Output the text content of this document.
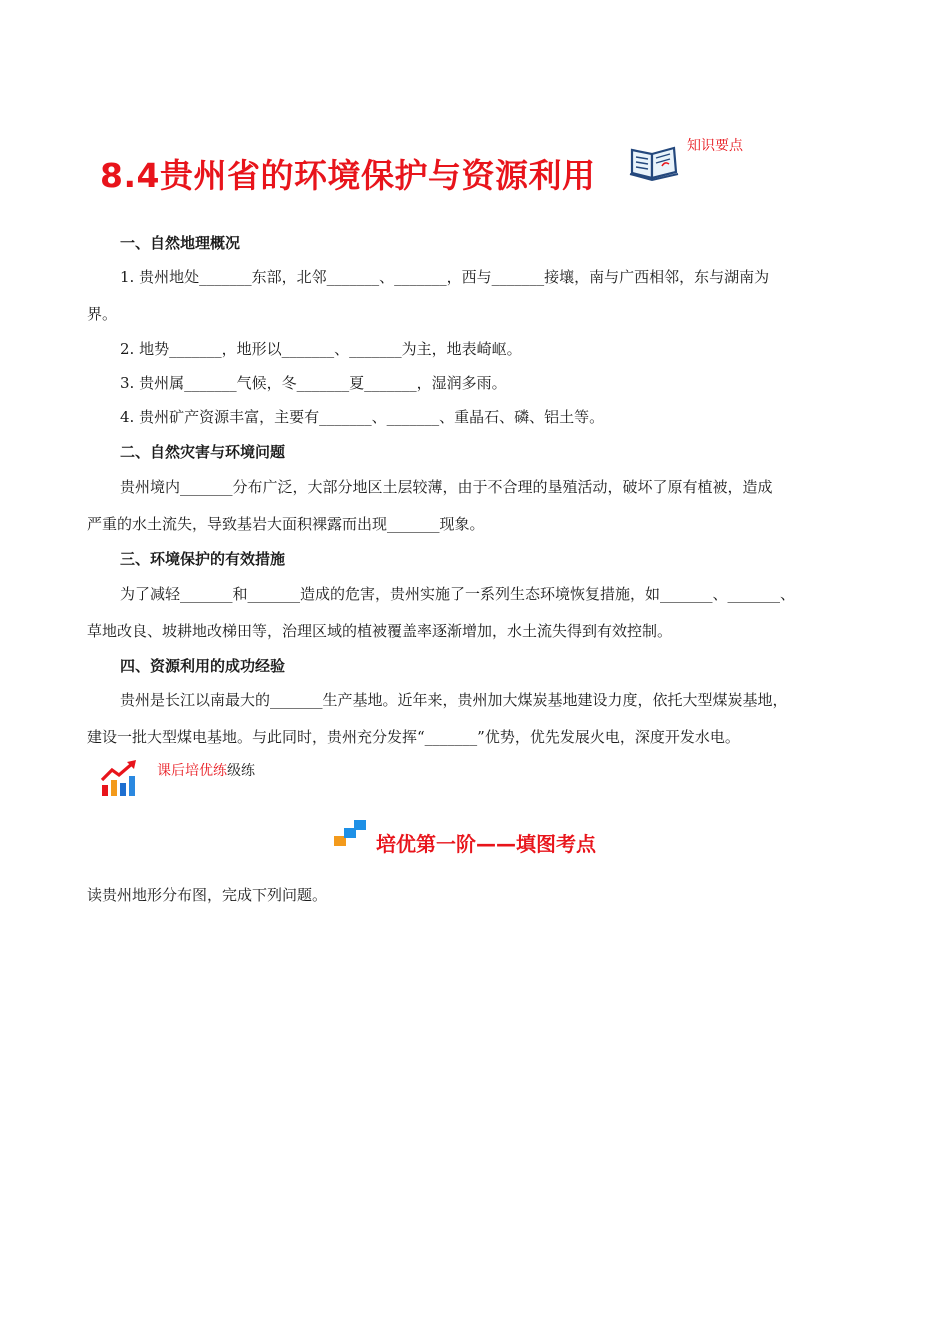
8.4贵州省的环境保护与资源利用
知识要点
一、自然地理概况
1. 贵州地处_______东部，北邻_______、_______，西与_______接壤，南与广西相邻，东与湖南为
界。
2. 地势_______，地形以_______、_______为主，地表崎岖。
3. 贵州属_______气候，冬_______夏_______，湿润多雨。
4. 贵州矿产资源丰富，主要有_______、_______、重晶石、磷、铝土等。
二、自然灾害与环境问题
贵州境内_______分布广泛，大部分地区土层较薄，由于不合理的垦殖活动，破坏了原有植被，造成
严重的水土流失，导致基岩大面积裸露而出现_______现象。
三、环境保护的有效措施
为了减轻_______和_______造成的危害，贵州实施了一系列生态环境恢复措施，如_______、_______、
草地改良、坡耕地改梯田等，治理区域的植被覆盖率逐渐增加，水土流失得到有效控制。
四、资源利用的成功经验
贵州是长江以南最大的_______生产基地。近年来，贵州加大煤炭基地建设力度，依托大型煤炭基地，
建设一批大型煤电基地。与此同时，贵州充分发挥“_______”优势，优先发展火电，深度开发水电。
课后培优练级练
培优第一阶——填图考点
读贵州地形分布图，完成下列问题。
